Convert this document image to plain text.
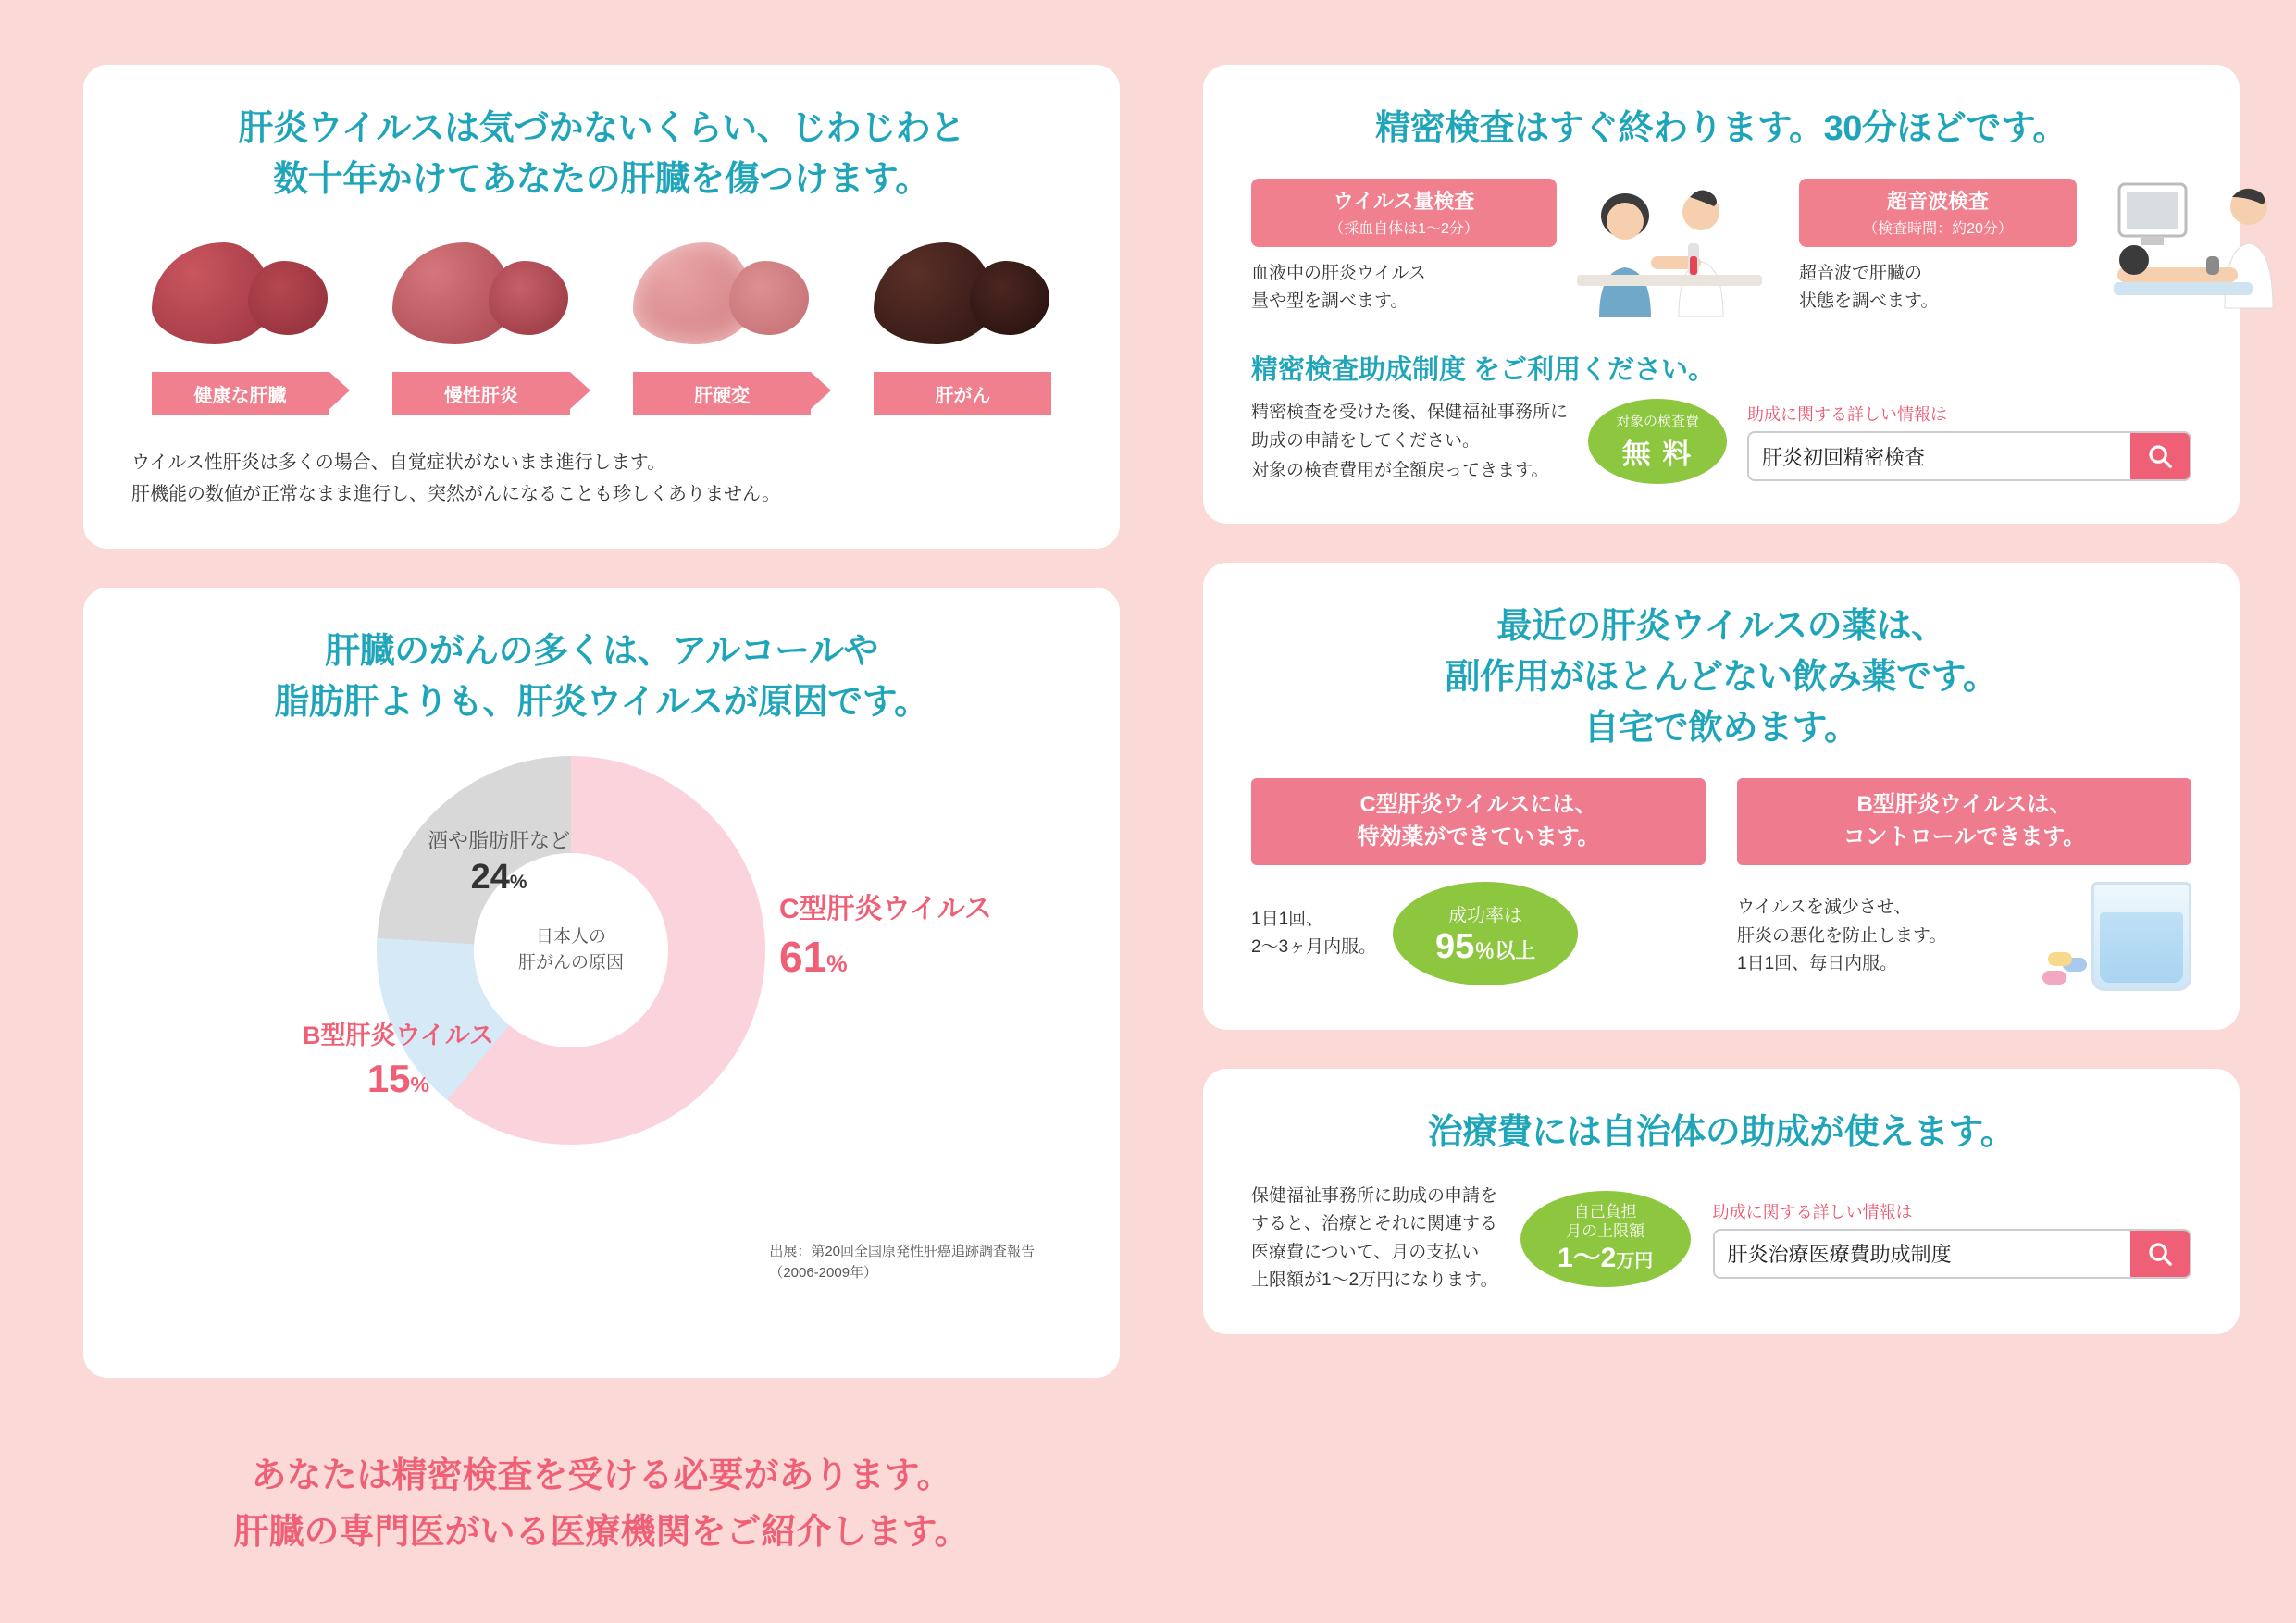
肝炎ウイルスは気づかないくらい、じわじわと
数十年かけてあなたの肝臓を傷つけます。
健康な肝臓	慢性肝炎	肝硬変	肝がん
ウイルス性肝炎は多くの場合、自覚症状がないまま進行します。
肝機能の数値が正常なまま進行し、突然がんになることも珍しくありません。
肝臓のがんの多くは、アルコールや
脂肪肝よりも、肝炎ウイルスが原因です。
日本人の
肝がんの原因
酒や脂肪肝など
24%
B型肝炎ウイルス
15%
C型肝炎ウイルス
61%
出展：第20回全国原発性肝癌追跡調査報告
（2006-2009年）
あなたは精密検査を受ける必要があります。
肝臓の専門医がいる医療機関をご紹介します。
精密検査はすぐ終わります。30分ほどです。
ウイルス量検査
（採血自体は1〜2分）
血液中の肝炎ウイルス
量や型を調べます。
超音波検査
（検査時間：約20分）
超音波で肝臓の
状態を調べます。
精密検査助成制度 をご利用ください。
精密検査を受けた後、保健福祉事務所に
助成の申請をしてください。
対象の検査費用が全額戻ってきます。
対象の検査費
無 料
助成に関する詳しい情報は
肝炎初回精密検査
最近の肝炎ウイルスの薬は、
副作用がほとんどない飲み薬です。
自宅で飲めます。
C型肝炎ウイルスには、
特効薬ができています。
1日1回、
2〜3ヶ月内服。
成功率は
95％以上
B型肝炎ウイルスは、
コントロールできます。
ウイルスを減少させ、
肝炎の悪化を防止します。
1日1回、毎日内服。
治療費には自治体の助成が使えます。
保健福祉事務所に助成の申請を
すると、治療とそれに関連する
医療費について、月の支払い
上限額が1〜2万円になります。
自己負担
月の上限額
1〜2万円
助成に関する詳しい情報は
肝炎治療医療費助成制度
